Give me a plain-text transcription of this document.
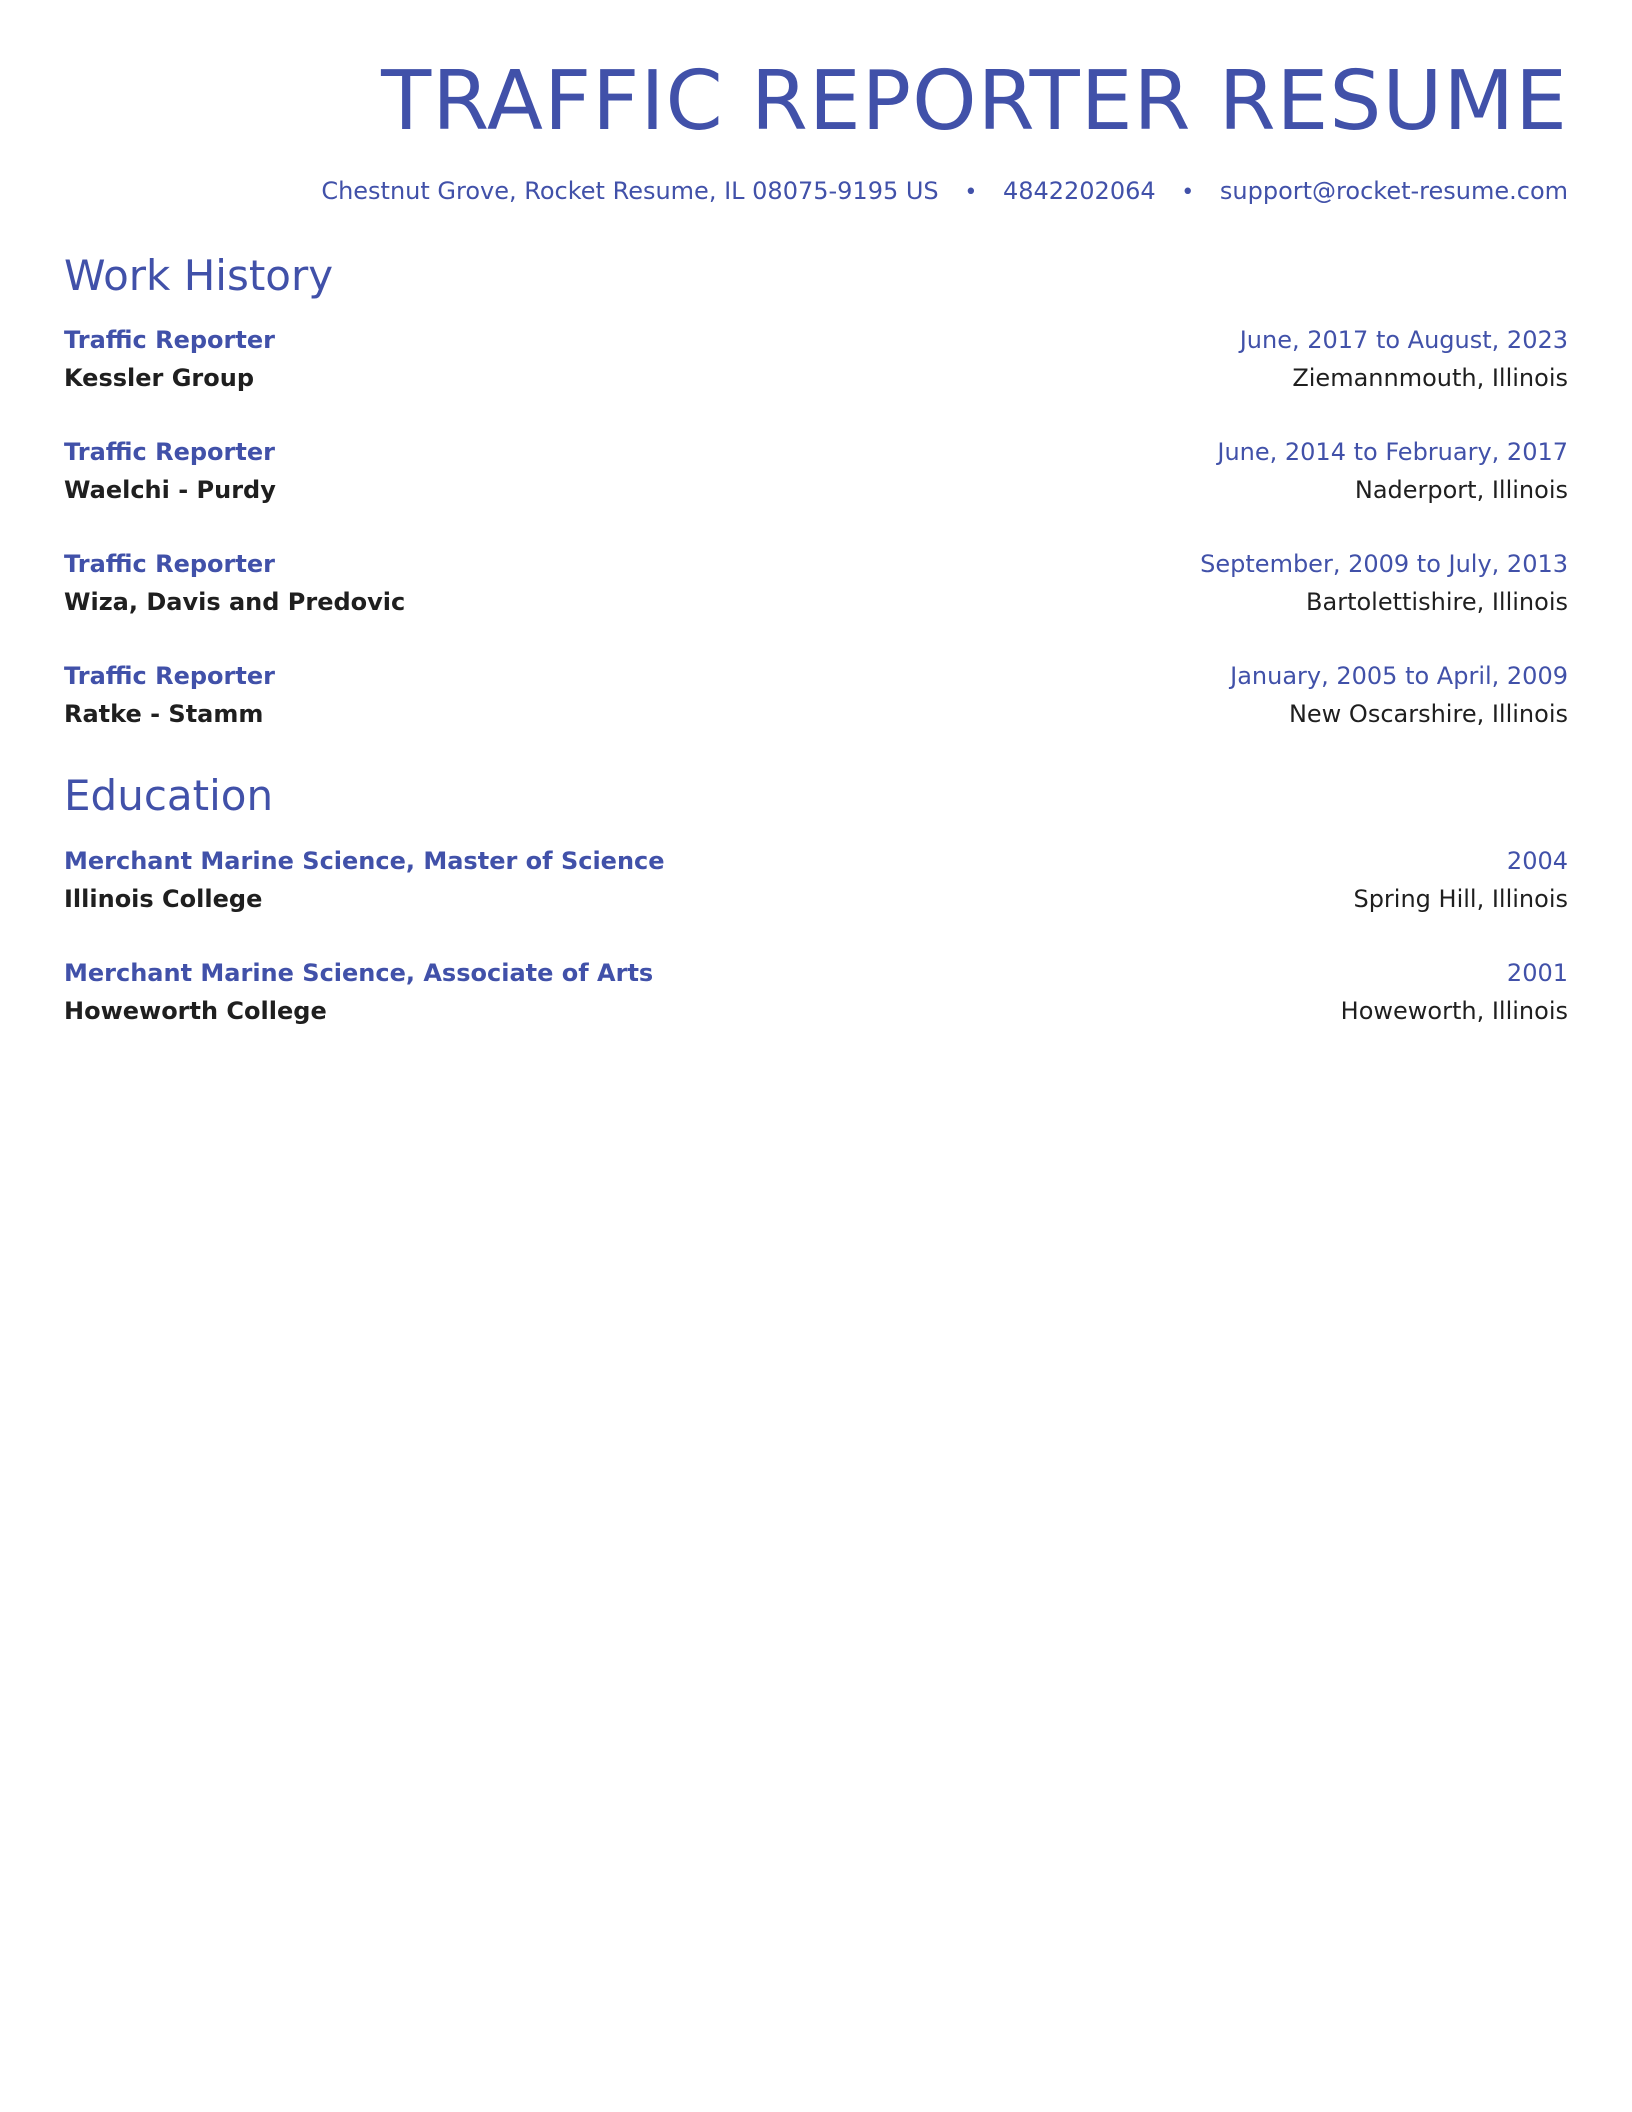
TRAFFIC REPORTER RESUME
Chestnut Grove, Rocket Resume, IL 08075-9195 US • 4842202064 • support@rocket-resume.com
Work History
Traffic Reporter	June, 2017 to August, 2023
Kessler Group	Ziemannmouth, Illinois
Traffic Reporter	June, 2014 to February, 2017
Waelchi - Purdy	Naderport, Illinois
Traffic Reporter	September, 2009 to July, 2013
Wiza, Davis and Predovic	Bartolettishire, Illinois
Traffic Reporter	January, 2005 to April, 2009
Ratke - Stamm	New Oscarshire, Illinois
Education
Merchant Marine Science, Master of Science	2004
Illinois College	Spring Hill, Illinois
Merchant Marine Science, Associate of Arts	2001
Howeworth College	Howeworth, Illinois
